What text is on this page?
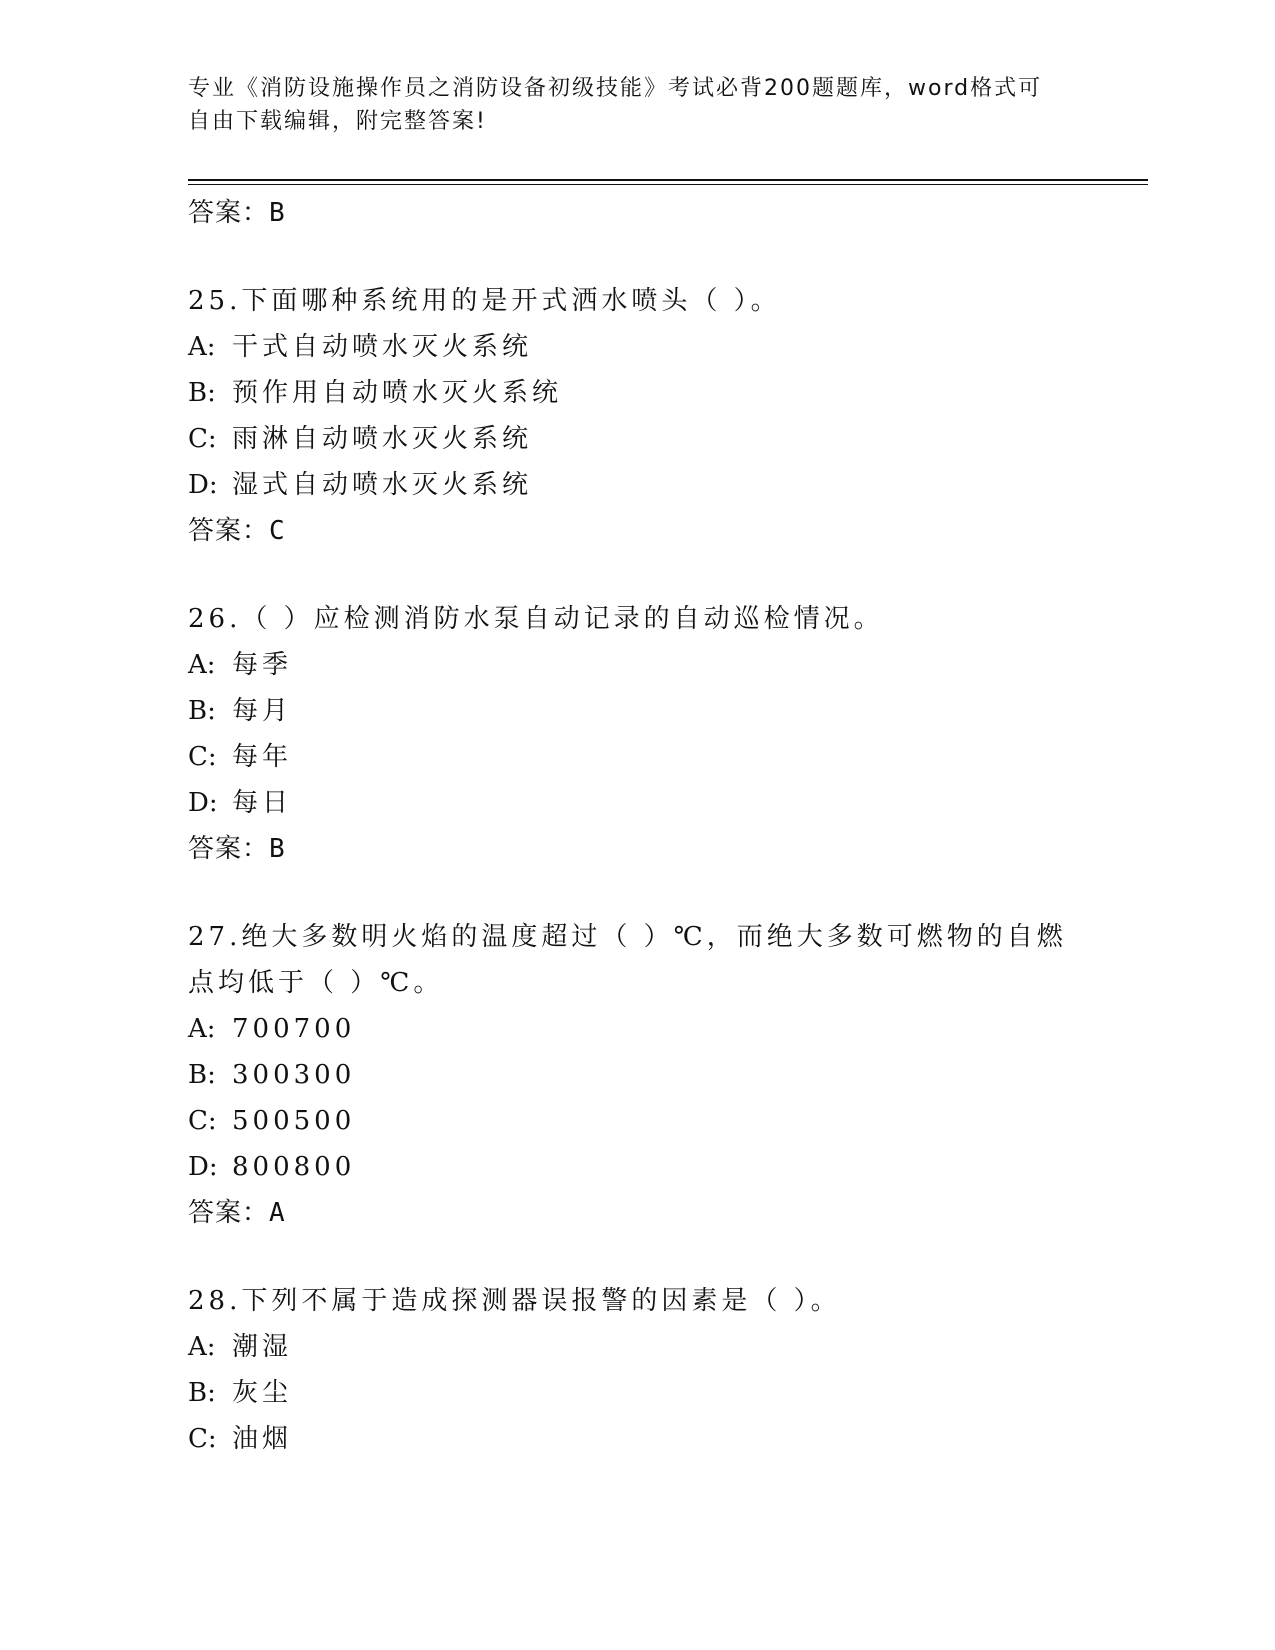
专业《消防设施操作员之消防设备初级技能》考试必背200题题库，word格式可
自由下载编辑，附完整答案!
答案：B
25.下面哪种系统用的是开式洒水喷头（ ）。
A: 干式自动喷水灭火系统
B: 预作用自动喷水灭火系统
C: 雨淋自动喷水灭火系统
D: 湿式自动喷水灭火系统
答案：C
26.（ ）应检测消防水泵自动记录的自动巡检情况。
A: 每季
B: 每月
C: 每年
D: 每日
答案：B
27.绝大多数明火焰的温度超过（ ）℃，而绝大多数可燃物的自燃点均低于（ ）℃。
A: 700700
B: 300300
C: 500500
D: 800800
答案：A
28.下列不属于造成探测器误报警的因素是（ ）。
A: 潮湿
B: 灰尘
C: 油烟
